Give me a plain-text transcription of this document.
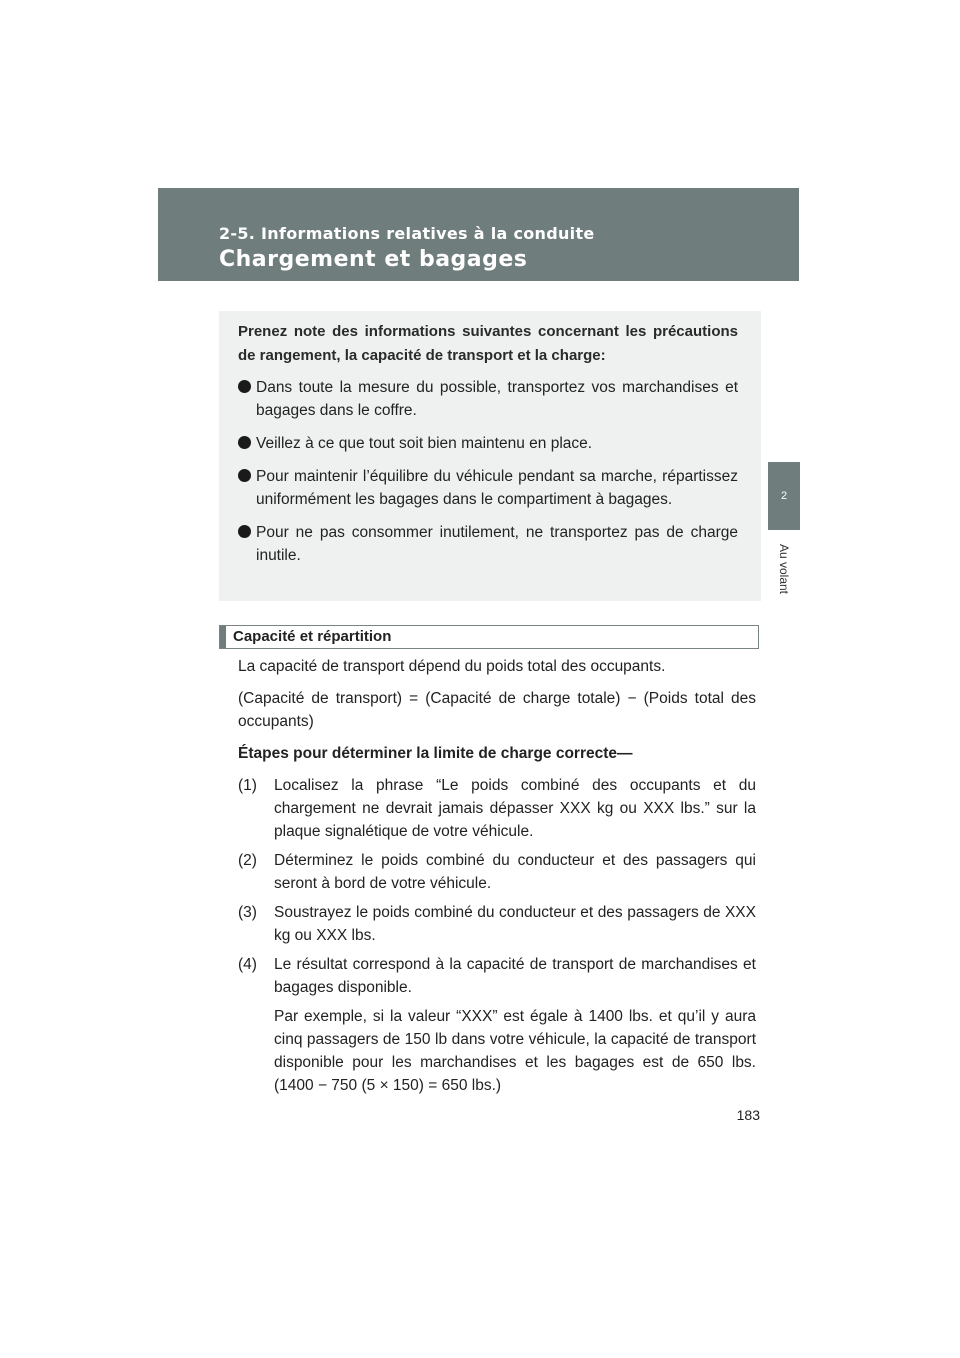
2-5. Informations relatives à la conduite
Chargement et bagages
2
Au volant

Prenez note des informations suivantes concernant les précautions de rangement, la capacité de transport et la charge:

Dans toute la mesure du possible, transportez vos marchandises et bagages dans le coffre.
Veillez à ce que tout soit bien maintenu en place.
Pour maintenir l’équilibre du véhicule pendant sa marche, répartissez uniformément les bagages dans le compartiment à bagages.
Pour ne pas consommer inutilement, ne transportez pas de charge inutile.
Capacité et répartition

La capacité de transport dépend du poids total des occupants.

(Capacité de transport) = (Capacité de charge totale) − (Poids total des occupants)

Étapes pour déterminer la limite de charge correcte—

(1) Localisez la phrase “Le poids combiné des occupants et du chargement ne devrait jamais dépasser XXX kg ou XXX lbs.” sur la plaque signalétique de votre véhicule.
(2) Déterminez le poids combiné du conducteur et des passagers qui seront à bord de votre véhicule.
(3) Soustrayez le poids combiné du conducteur et des passagers de XXX kg ou XXX lbs.
(4) Le résultat correspond à la capacité de transport de marchandises et bagages disponible.

Par exemple, si la valeur “XXX” est égale à 1400 lbs. et qu’il y aura cinq passagers de 150 lb dans votre véhicule, la capacité de transport disponible pour les marchandises et les bagages est de 650 lbs. (1400 − 750 (5 × 150) = 650 lbs.)

183
